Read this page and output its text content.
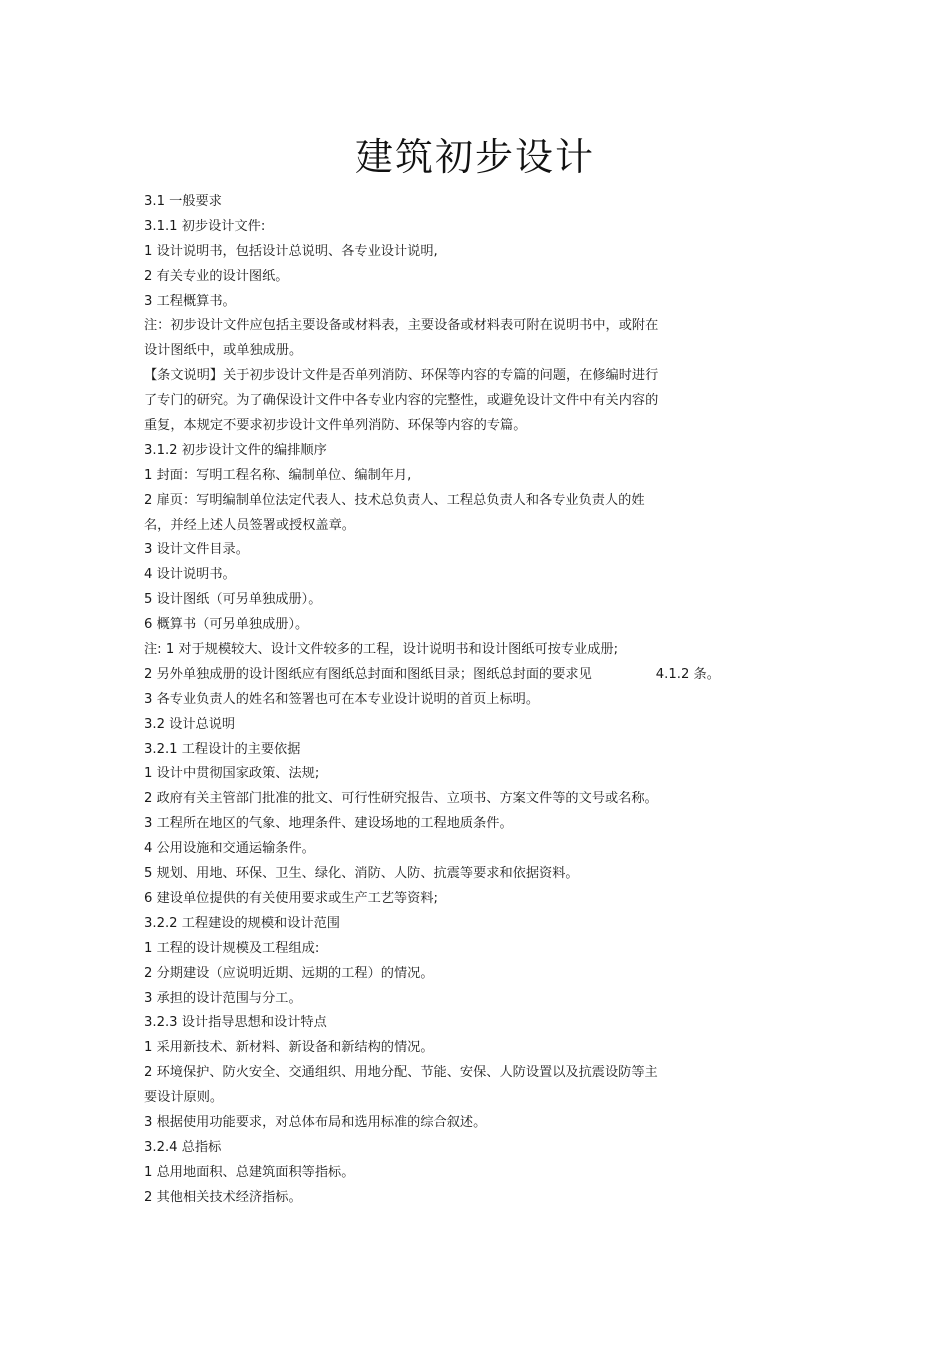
建筑初步设计
3.1 一般要求
3.1.1 初步设计文件:
1 设计说明书，包括设计总说明、各专业设计说明,
2 有关专业的设计图纸。
3 工程概算书。
注：初步设计文件应包括主要设备或材料表，主要设备或材料表可附在说明书中，或附在
设计图纸中，或单独成册。
【条文说明】关于初步设计文件是否单列消防、环保等内容的专篇的问题，在修编时进行
了专门的研究。为了确保设计文件中各专业内容的完整性，或避免设计文件中有关内容的
重复，本规定不要求初步设计文件单列消防、环保等内容的专篇。
3.1.2 初步设计文件的编排顺序
1 封面：写明工程名称、编制单位、编制年月,
2 扉页：写明编制单位法定代表人、技术总负责人、工程总负责人和各专业负责人的姓
名，并经上述人员签署或授权盖章。
3 设计文件目录。
4 设计说明书。
5 设计图纸（可另单独成册）。
6 概算书（可另单独成册）。
注: 1 对于规模较大、设计文件较多的工程，设计说明书和设计图纸可按专业成册;
2 另外单独成册的设计图纸应有图纸总封面和图纸目录；图纸总封面的要求见	4.1.2 条。
3 各专业负责人的姓名和签署也可在本专业设计说明的首页上标明。
3.2 设计总说明
3.2.1 工程设计的主要依据
1 设计中贯彻国家政策、法规;
2 政府有关主管部门批准的批文、可行性研究报告、立项书、方案文件等的文号或名称。
3 工程所在地区的气象、地理条件、建设场地的工程地质条件。
4 公用设施和交通运输条件。
5 规划、用地、环保、卫生、绿化、消防、人防、抗震等要求和依据资料。
6 建设单位提供的有关使用要求或生产工艺等资料;
3.2.2 工程建设的规模和设计范围
1 工程的设计规模及工程组成:
2 分期建设（应说明近期、远期的工程）的情况。
3 承担的设计范围与分工。
3.2.3 设计指导思想和设计特点
1 采用新技术、新材料、新设备和新结构的情况。
2 环境保护、防火安全、交通组织、用地分配、节能、安保、人防设置以及抗震设防等主
要设计原则。
3 根据使用功能要求，对总体布局和选用标准的综合叙述。
3.2.4 总指标
1 总用地面积、总建筑面积等指标。
2 其他相关技术经济指标。
